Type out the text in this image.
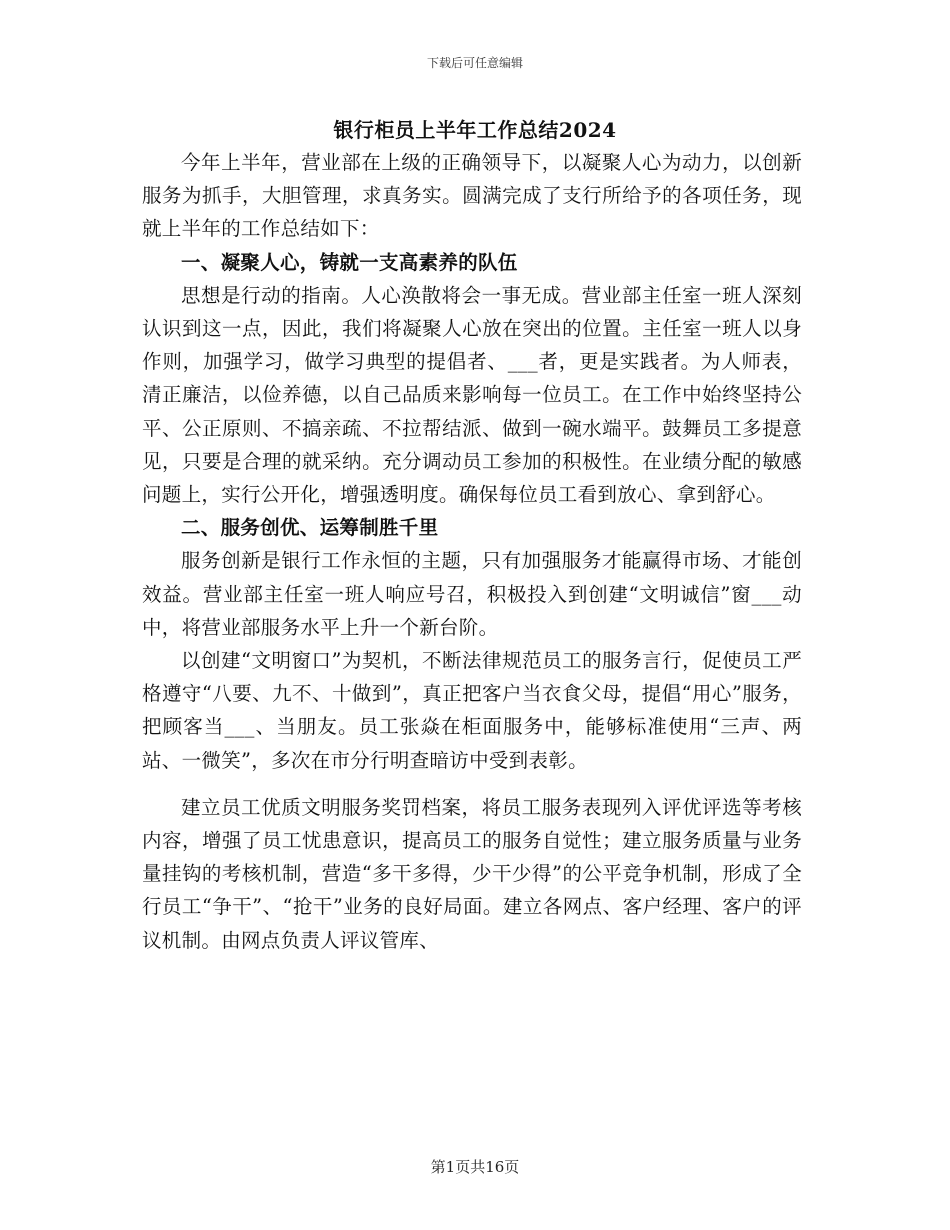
下载后可任意编辑
银行柜员上半年工作总结2024

今年上半年，营业部在上级的正确领导下，以凝聚人心为动力，以创新服务为抓手，大胆管理，求真务实。圆满完成了支行所给予的各项任务，现就上半年的工作总结如下：

一、凝聚人心，铸就一支高素养的队伍

思想是行动的指南。人心涣散将会一事无成。营业部主任室一班人深刻认识到这一点，因此，我们将凝聚人心放在突出的位置。主任室一班人以身作则，加强学习，做学习典型的提倡者、___者，更是实践者。为人师表，清正廉洁，以俭养德，以自己品质来影响每一位员工。在工作中始终坚持公平、公正原则、不搞亲疏、不拉帮结派、做到一碗水端平。鼓舞员工多提意见，只要是合理的就采纳。充分调动员工参加的积极性。在业绩分配的敏感问题上，实行公开化，增强透明度。确保每位员工看到放心、拿到舒心。

二、服务创优、运筹制胜千里

服务创新是银行工作永恒的主题，只有加强服务才能赢得市场、才能创效益。营业部主任室一班人响应号召，积极投入到创建“文明诚信”窗___动中，将营业部服务水平上升一个新台阶。

以创建“文明窗口”为契机，不断法律规范员工的服务言行，促使员工严格遵守“八要、九不、十做到”，真正把客户当衣食父母，提倡“用心”服务，把顾客当___、当朋友。员工张焱在柜面服务中，能够标准使用“三声、两站、一微笑”，多次在市分行明查暗访中受到表彰。

建立员工优质文明服务奖罚档案，将员工服务表现列入评优评选等考核内容，增强了员工忧患意识，提高员工的服务自觉性；建立服务质量与业务量挂钩的考核机制，营造“多干多得，少干少得”的公平竞争机制，形成了全行员工“争干”、“抢干”业务的良好局面。建立各网点、客户经理、客户的评议机制。由网点负责人评议管库、

第1页共16页
